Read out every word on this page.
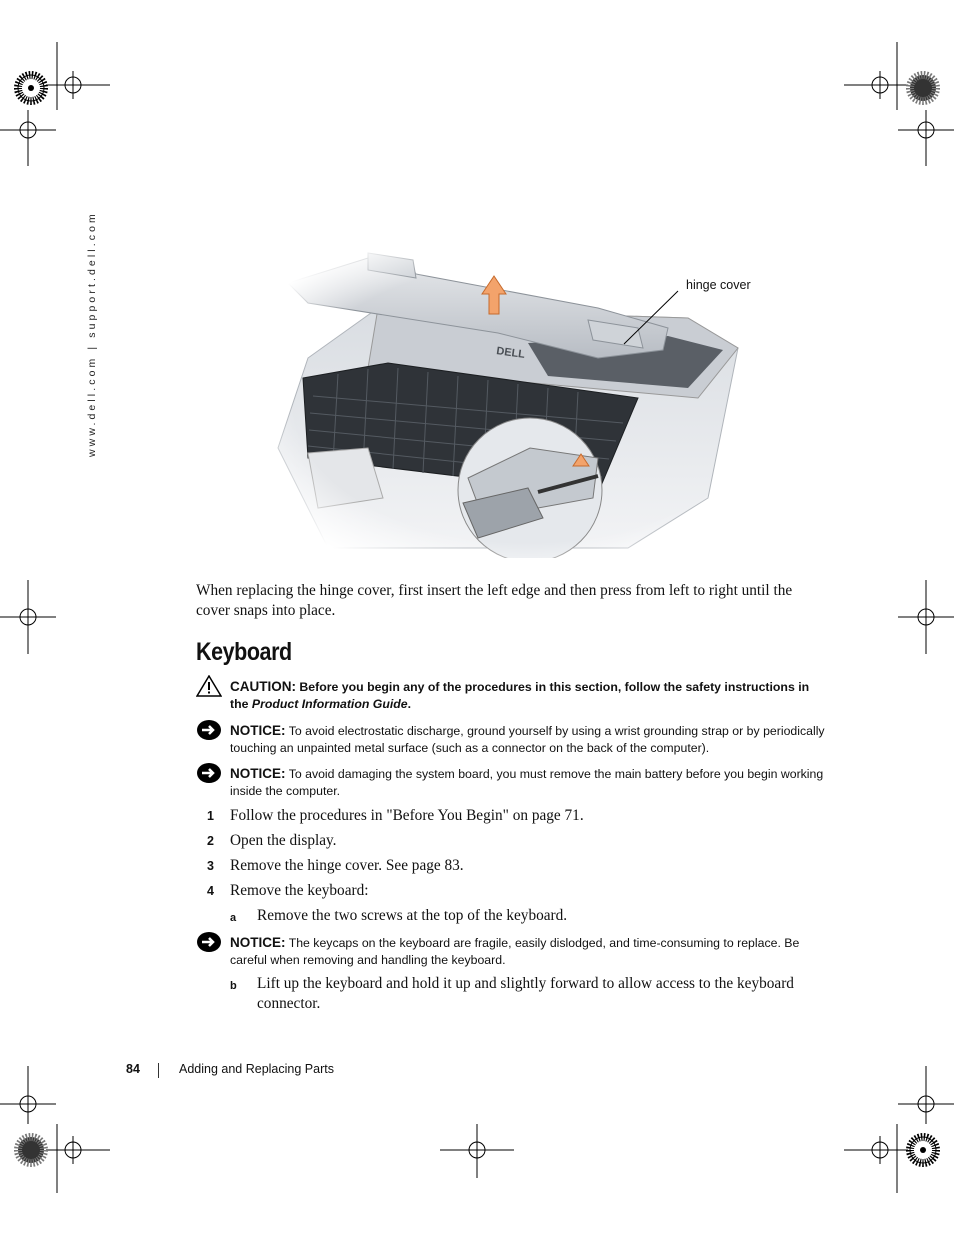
www.dell.com | support.dell.com	hinge cover
When replacing the hinge cover, first insert the left edge and then press from left to right until the cover snaps into place.
Keyboard
CAUTION: Before you begin any of the procedures in this section, follow the safety instructions in the Product Information Guide.
NOTICE: To avoid electrostatic discharge, ground yourself by using a wrist grounding strap or by periodically touching an unpainted metal surface (such as a connector on the back of the computer).
NOTICE: To avoid damaging the system board, you must remove the main battery before you begin working inside the computer.
1 Follow the procedures in "Before You Begin" on page 71.
2 Open the display.
3 Remove the hinge cover. See page 83.
4 Remove the keyboard:
a Remove the two screws at the top of the keyboard.
NOTICE: The keycaps on the keyboard are fragile, easily dislodged, and time-consuming to replace. Be careful when removing and handling the keyboard.
b Lift up the keyboard and hold it up and slightly forward to allow access to the keyboard connector.
84	Adding and Replacing Parts
